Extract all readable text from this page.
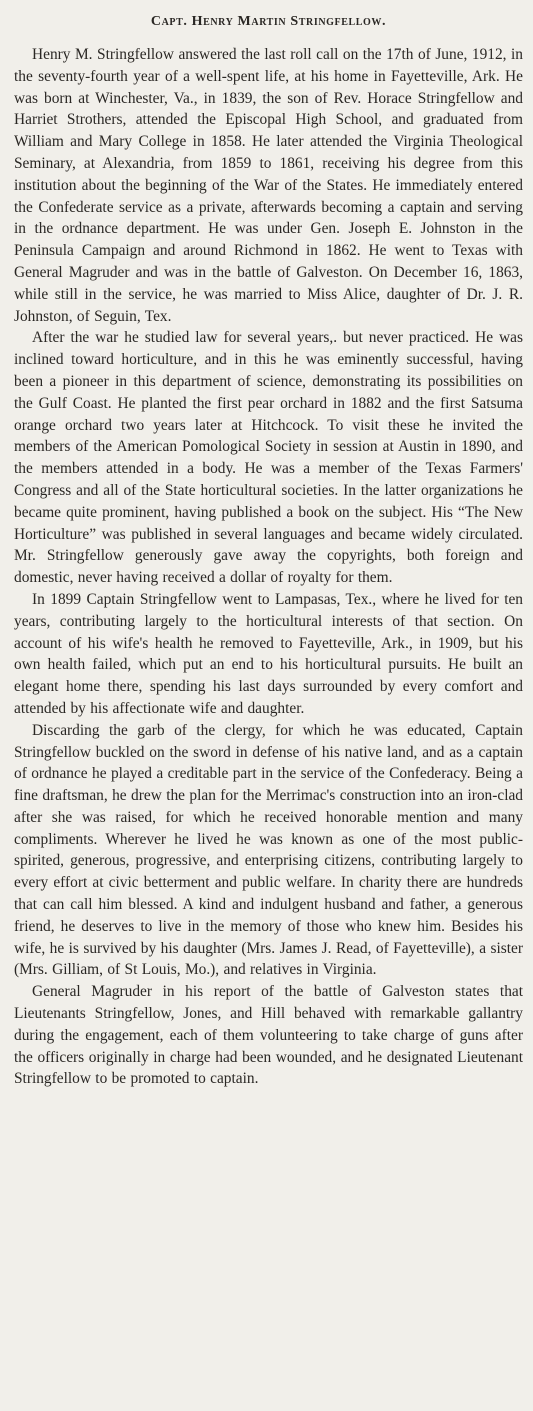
Capt. Henry Martin Stringfellow.

Henry M. Stringfellow answered the last roll call on the 17th of June, 1912, in the seventy-fourth year of a well-spent life, at his home in Fayetteville, Ark. He was born at Winchester, Va., in 1839, the son of Rev. Horace Stringfellow and Harriet Strothers, attended the Episcopal High School, and graduated from William and Mary College in 1858. He later attended the Virginia Theological Seminary, at Alexandria, from 1859 to 1861, receiving his degree from this institution about the beginning of the War of the States. He immediately entered the Confederate service as a private, afterwards becoming a captain and serving in the ordnance department. He was under Gen. Joseph E. Johnston in the Peninsula Campaign and around Richmond in 1862. He went to Texas with General Magruder and was in the battle of Galveston. On December 16, 1863, while still in the service, he was married to Miss Alice, daughter of Dr. J. R. Johnston, of Seguin, Tex.

After the war he studied law for several years,. but never practiced. He was inclined toward horticulture, and in this he was eminently successful, having been a pioneer in this department of science, demonstrating its possibilities on the Gulf Coast. He planted the first pear orchard in 1882 and the first Satsuma orange orchard two years later at Hitchcock. To visit these he invited the members of the American Pomological Society in session at Austin in 1890, and the members attended in a body. He was a member of the Texas Farmers' Congress and all of the State horticultural societies. In the latter organizations he became quite prominent, having published a book on the subject. His “The New Horticulture” was published in several languages and became widely circulated. Mr. Stringfellow generously gave away the copyrights, both foreign and domestic, never having received a dollar of royalty for them.

In 1899 Captain Stringfellow went to Lampasas, Tex., where he lived for ten years, contributing largely to the horticultural interests of that section. On account of his wife's health he removed to Fayetteville, Ark., in 1909, but his own health failed, which put an end to his horticultural pursuits. He built an elegant home there, spending his last days surrounded by every comfort and attended by his affectionate wife and daughter.

Discarding the garb of the clergy, for which he was educated, Captain Stringfellow buckled on the sword in defense of his native land, and as a captain of ordnance he played a creditable part in the service of the Confederacy. Being a fine draftsman, he drew the plan for the Merrimac's construction into an iron-clad after she was raised, for which he received honorable mention and many compliments. Wherever he lived he was known as one of the most public-spirited, generous, progressive, and enterprising citizens, contributing largely to every effort at civic betterment and public welfare. In charity there are hundreds that can call him blessed. A kind and indulgent husband and father, a generous friend, he deserves to live in the memory of those who knew him. Besides his wife, he is survived by his daughter (Mrs. James J. Read, of Fayetteville), a sister (Mrs. Gilliam, of St Louis, Mo.), and relatives in Virginia.

General Magruder in his report of the battle of Galveston states that Lieutenants Stringfellow, Jones, and Hill behaved with remarkable gallantry during the engagement, each of them volunteering to take charge of guns after the officers originally in charge had been wounded, and he designated Lieutenant Stringfellow to be promoted to captain.
